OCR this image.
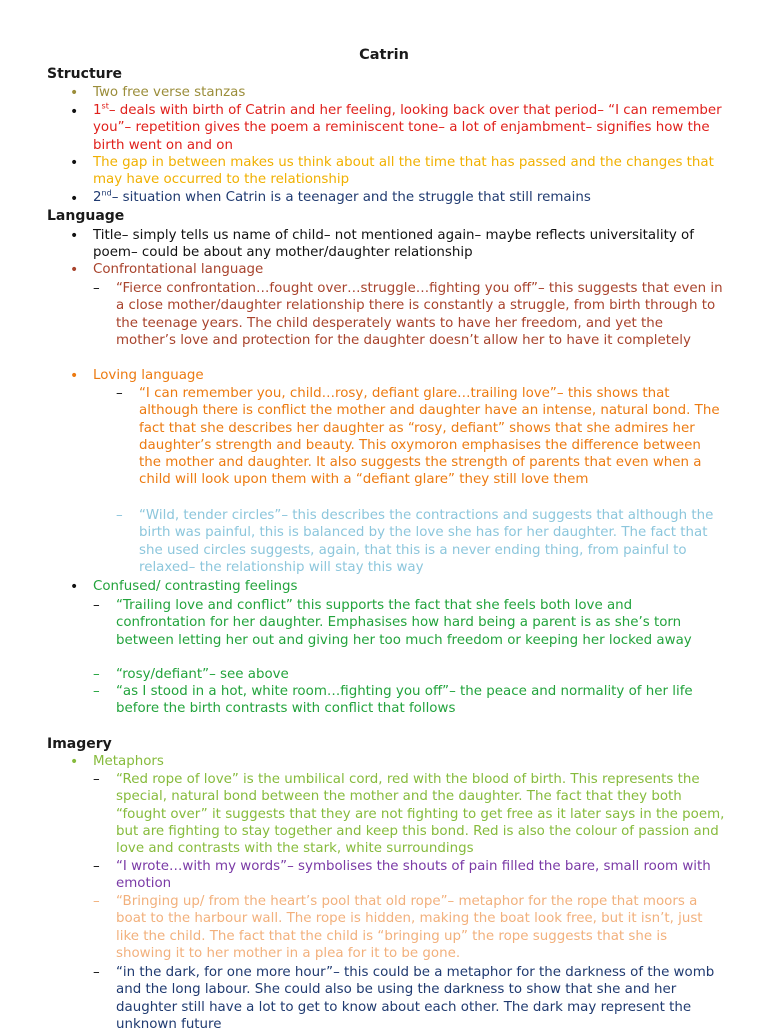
Catrin
Structure
• Two free verse stanzas
• 1st– deals with birth of Catrin and her feeling, looking back over that period– “I can remember you”– repetition gives the poem a reminiscent tone– a lot of enjambment– signifies how the birth went on and on
• The gap in between makes us think about all the time that has passed and the changes that may have occurred to the relationship
• 2nd– situation when Catrin is a teenager and the struggle that still remains
Language
• Title– simply tells us name of child– not mentioned again– maybe reflects universitality of poem– could be about any mother/daughter relationship
• Confrontational language
– “Fierce confrontation…fought over…struggle…fighting you off”– this suggests that even in a close mother/daughter relationship there is constantly a struggle, from birth through to the teenage years. The child desperately wants to have her freedom, and yet the mother’s love and protection for the daughter doesn’t allow her to have it completely
• Loving language
– “I can remember you, child…rosy, defiant glare…trailing love”– this shows that although there is conflict the mother and daughter have an intense, natural bond. The fact that she describes her daughter as “rosy, defiant” shows that she admires her daughter’s strength and beauty. This oxymoron emphasises the difference between the mother and daughter. It also suggests the strength of parents that even when a child will look upon them with a “defiant glare” they still love them
– “Wild, tender circles”– this describes the contractions and suggests that although the birth was painful, this is balanced by the love she has for her daughter. The fact that she used circles suggests, again, that this is a never ending thing, from painful to relaxed– the relationship will stay this way
• Confused/ contrasting feelings
– “Trailing love and conflict” this supports the fact that she feels both love and confrontation for her daughter. Emphasises how hard being a parent is as she’s torn between letting her out and giving her too much freedom or keeping her locked away
– “rosy/defiant”– see above
– “as I stood in a hot, white room…fighting you off”– the peace and normality of her life before the birth contrasts with conflict that follows
Imagery
• Metaphors
– “Red rope of love” is the umbilical cord, red with the blood of birth. This represents the special, natural bond between the mother and the daughter. The fact that they both “fought over” it suggests that they are not fighting to get free as it later says in the poem, but are fighting to stay together and keep this bond. Red is also the colour of passion and love and contrasts with the stark, white surroundings
– “I wrote…with my words”– symbolises the shouts of pain filled the bare, small room with emotion
– “Bringing up/ from the heart’s pool that old rope”– metaphor for the rope that moors a boat to the harbour wall. The rope is hidden, making the boat look free, but it isn’t, just like the child. The fact that the child is “bringing up” the rope suggests that she is showing it to her mother in a plea for it to be gone.
– “in the dark, for one more hour”– this could be a metaphor for the darkness of the womb and the long labour. She could also be using the darkness to show that she and her daughter still have a lot to get to know about each other. The dark may represent the unknown future
